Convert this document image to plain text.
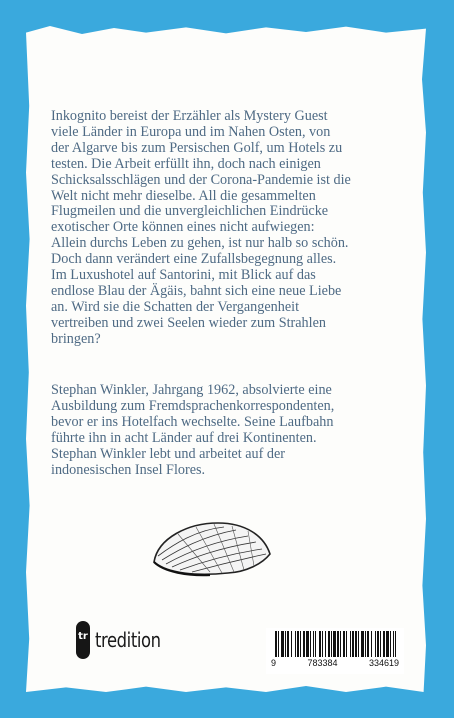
Inkognito bereist der Erzähler als Mystery Guest

viele Länder in Europa und im Nahen Osten, von

der Algarve bis zum Persischen Golf, um Hotels zu

testen. Die Arbeit erfüllt ihn, doch nach einigen

Schicksalsschlägen und der Corona-Pandemie ist die

Welt nicht mehr dieselbe. All die gesammelten

Flugmeilen und die unvergleichlichen Eindrücke

exotischer Orte können eines nicht aufwiegen:

Allein durchs Leben zu gehen, ist nur halb so schön.

Doch dann verändert eine Zufallsbegegnung alles.

Im Luxushotel auf Santorini, mit Blick auf das

endlose Blau der Ägäis, bahnt sich eine neue Liebe

an. Wird sie die Schatten der Vergangenheit

vertreiben und zwei Seelen wieder zum Strahlen

bringen?

Stephan Winkler, Jahrgang 1962, absolvierte eine

Ausbildung zum Fremdsprachenkorrespondenten,

bevor er ins Hotelfach wechselte. Seine Laufbahn

führte ihn in acht Länder auf drei Kontinenten.

Stephan Winkler lebt und arbeitet auf der

indonesischen Insel Flores.

tr tredition
9	783384	334619
